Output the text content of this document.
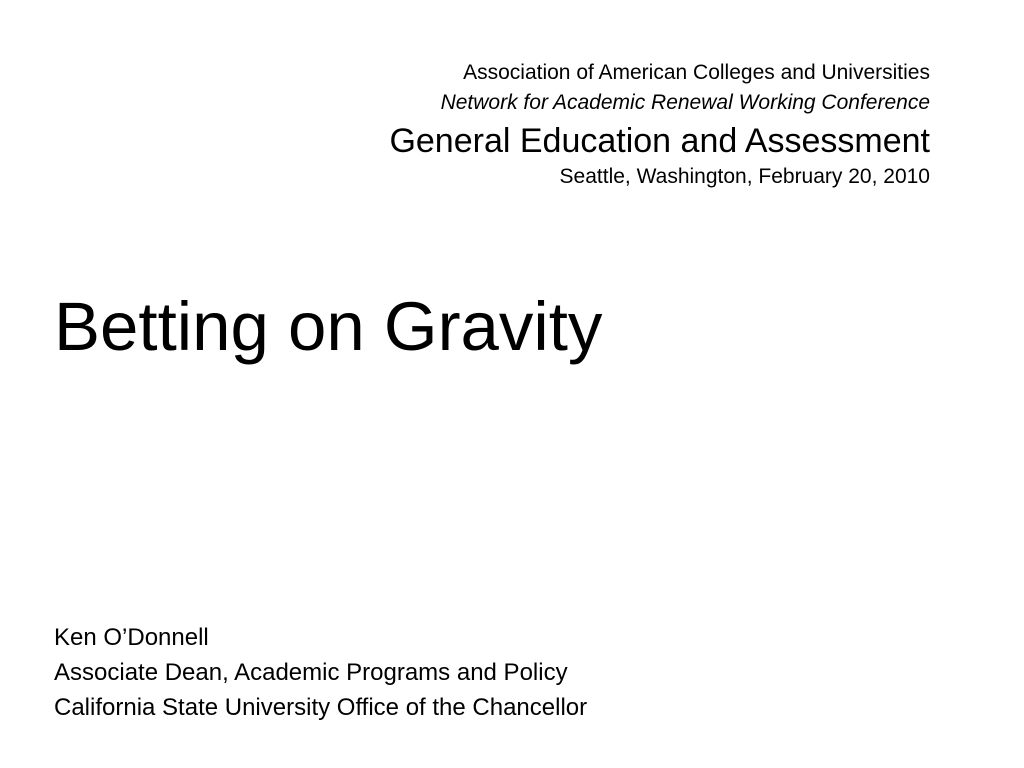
Association of American Colleges and Universities
Network for Academic Renewal Working Conference
General Education and Assessment
Seattle, Washington, February 20, 2010
Betting on Gravity
Ken O’Donnell
Associate Dean, Academic Programs and Policy
California State University Office of the Chancellor
